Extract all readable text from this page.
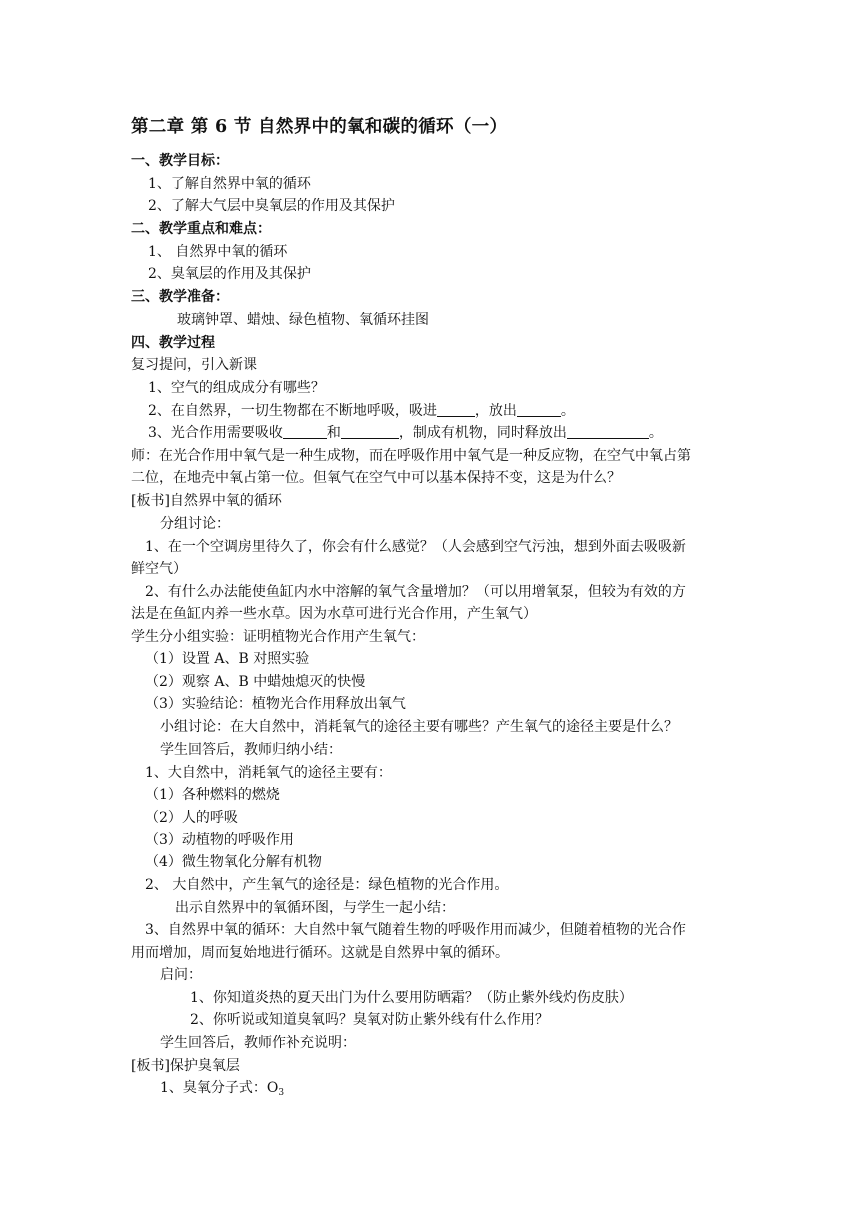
第二章 第 6 节 自然界中的氧和碳的循环（一）
一、教学目标：
1、了解自然界中氧的循环
2、了解大气层中臭氧层的作用及其保护
二、教学重点和难点：
1、 自然界中氧的循环
2、臭氧层的作用及其保护
三、教学准备：
玻璃钟罩、蜡烛、绿色植物、氧循环挂图
四、教学过程
复习提问，引入新课
1、空气的组成成分有哪些？
2、在自然界，一切生物都在不断地呼吸，吸进	，放出	。
3、光合作用需要吸收	和	，制成有机物，同时释放出	。
师：在光合作用中氧气是一种生成物，而在呼吸作用中氧气是一种反应物，在空气中氧占第
二位，在地壳中氧占第一位。但氧气在空气中可以基本保持不变，这是为什么？
[板书]自然界中氧的循环
分组讨论：
1、在一个空调房里待久了，你会有什么感觉？（人会感到空气污浊，想到外面去吸吸新
鲜空气）
2、有什么办法能使鱼缸内水中溶解的氧气含量增加？（可以用增氧泵，但较为有效的方
法是在鱼缸内养一些水草。因为水草可进行光合作用，产生氧气）
学生分小组实验：证明植物光合作用产生氧气：
（1）设置 A、B 对照实验
（2）观察 A、B 中蜡烛熄灭的快慢
（3）实验结论：植物光合作用释放出氧气
小组讨论：在大自然中，消耗氧气的途径主要有哪些？产生氧气的途径主要是什么？
学生回答后，教师归纳小结：
1、大自然中，消耗氧气的途径主要有：
（1）各种燃料的燃烧
（2）人的呼吸
（3）动植物的呼吸作用
（4）微生物氧化分解有机物
2、 大自然中，产生氧气的途径是：绿色植物的光合作用。
出示自然界中的氧循环图，与学生一起小结：
3、自然界中氧的循环：大自然中氧气随着生物的呼吸作用而减少，但随着植物的光合作
用而增加，周而复始地进行循环。这就是自然界中氧的循环。
启问：
1、你知道炎热的夏天出门为什么要用防晒霜？（防止紫外线灼伤皮肤）
2、你听说或知道臭氧吗？臭氧对防止紫外线有什么作用？
学生回答后，教师作补充说明：
[板书]保护臭氧层
1、臭氧分子式：$O_3$
